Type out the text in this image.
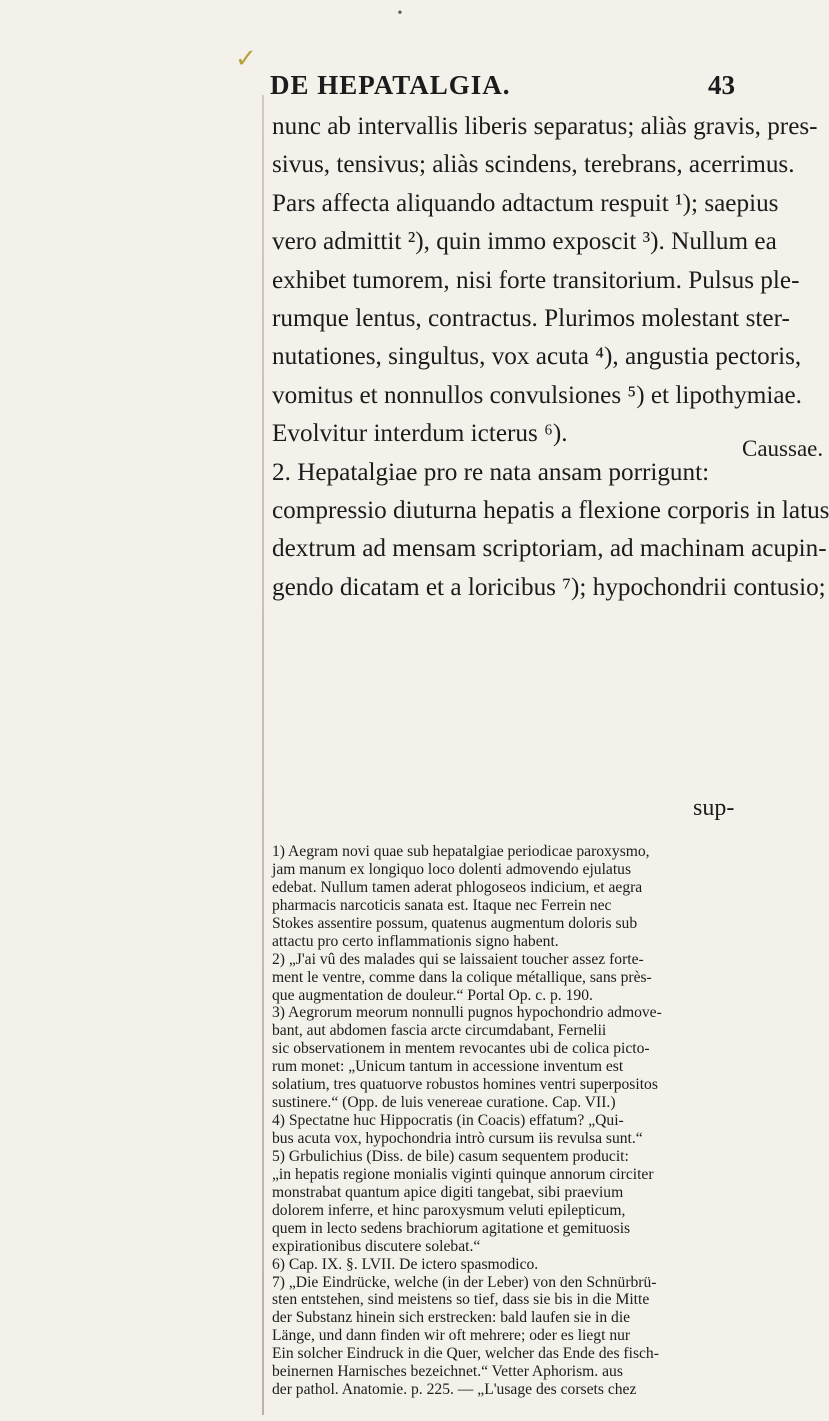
•
✓
DE HEPATALGIA.	43
nunc ab intervallis liberis separatus; aliàs gravis, pres-
sivus, tensivus; aliàs scindens, terebrans, acerrimus.
Pars affecta aliquando adtactum respuit ¹); saepius
vero admittit ²), quin immo exposcit ³). Nullum ea
exhibet tumorem, nisi forte transitorium. Pulsus ple-
rumque lentus, contractus. Plurimos molestant ster-
nutationes, singultus, vox acuta ⁴), angustia pectoris,
vomitus et nonnullos convulsiones ⁵) et lipothymiae.
Evolvitur interdum icterus ⁶).
2. Hepatalgiae pro re nata ansam porrigunt:
compressio diuturna hepatis a flexione corporis in latus
dextrum ad mensam scriptoriam, ad machinam acupin-
gendo dicatam et a loricibus ⁷); hypochondrii contusio;
Caussae.
sup-
1) Aegram novi quae sub hepatalgiae periodicae paroxysmo,
jam manum ex longiquo loco dolenti admovendo ejulatus
edebat. Nullum tamen aderat phlogoseos indicium, et aegra
pharmacis narcoticis sanata est. Itaque nec Ferrein nec
Stokes assentire possum, quatenus augmentum doloris sub
attactu pro certo inflammationis signo habent.
2) „J'ai vû des malades qui se laissaient toucher assez forte-
ment le ventre, comme dans la colique métallique, sans près-
que augmentation de douleur.“ Portal Op. c. p. 190.
3) Aegrorum meorum nonnulli pugnos hypochondrio admove-
bant, aut abdomen fascia arcte circumdabant, Fernelii
sic observationem in mentem revocantes ubi de colica picto-
rum monet: „Unicum tantum in accessione inventum est
solatium, tres quatuorve robustos homines ventri superpositos
sustinere.“ (Opp. de luis venereae curatione. Cap. VII.)
4) Spectatne huc Hippocratis (in Coacis) effatum? „Qui-
bus acuta vox, hypochondria intrò cursum iis revulsa sunt.“
5) Grbulichius (Diss. de bile) casum sequentem producit:
„in hepatis regione monialis viginti quinque annorum circiter
monstrabat quantum apice digiti tangebat, sibi praevium
dolorem inferre, et hinc paroxysmum veluti epilepticum,
quem in lecto sedens brachiorum agitatione et gemituosis
expirationibus discutere solebat.“
6) Cap. IX. §. LVII. De ictero spasmodico.
7) „Die Eindrücke, welche (in der Leber) von den Schnürbrü-
sten entstehen, sind meistens so tief, dass sie bis in die Mitte
der Substanz hinein sich erstrecken: bald laufen sie in die
Länge, und dann finden wir oft mehrere; oder es liegt nur
Ein solcher Eindruck in die Quer, welcher das Ende des fisch-
beinernen Harnisches bezeichnet.“ Vetter Aphorism. aus
der pathol. Anatomie. p. 225. — „L'usage des corsets chez
